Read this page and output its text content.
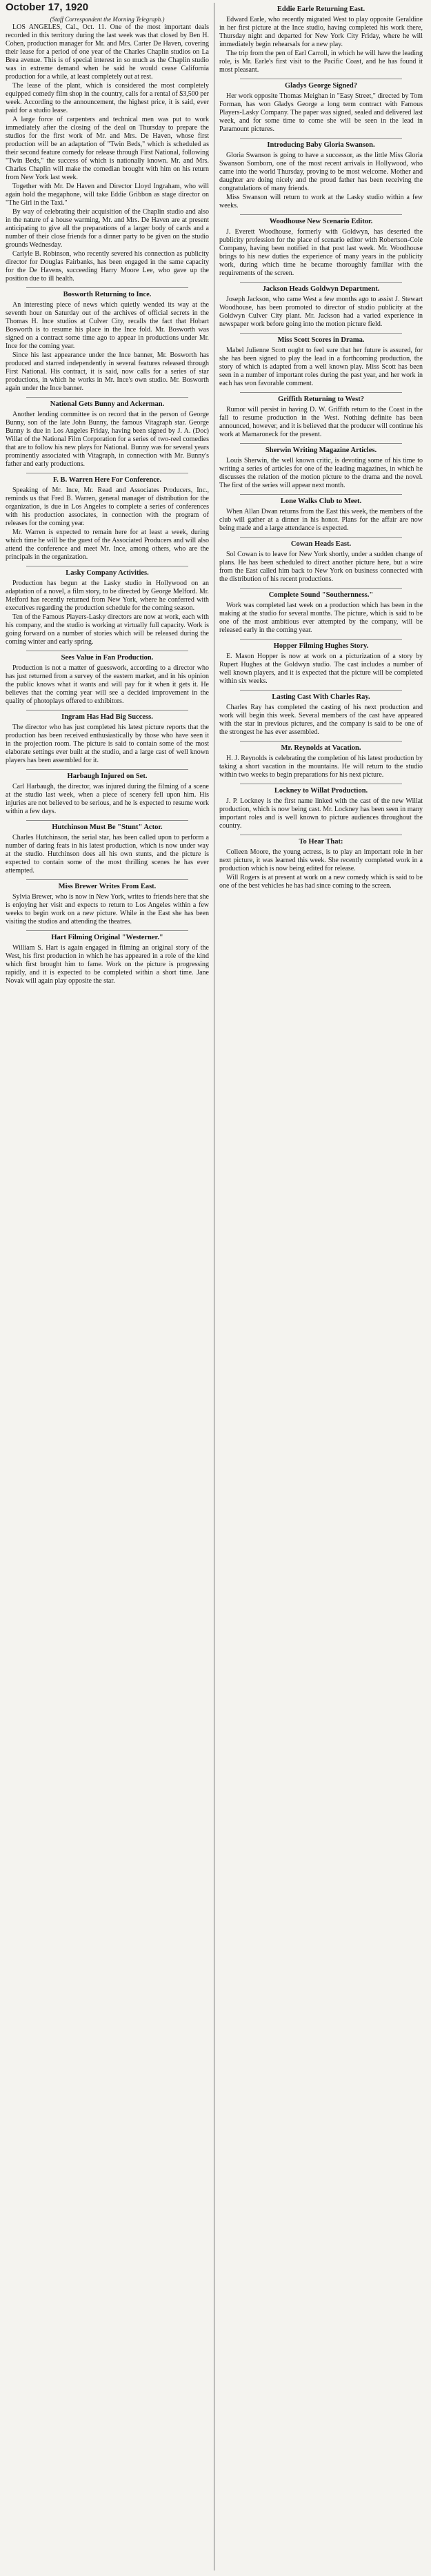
October 17, 1920
(Staff Correspondent the Morning Telegraph.)

LOS ANGELES, Cal., Oct. 11. One of the most important deals recorded in this territory during the last week was that closed by Ben H. Cohen, production manager for Mr. and Mrs. Carter De Haven, covering their lease for a period of one year of the Charles Chaplin studios on La Brea avenue. This is of special interest in so much as the Chaplin studio was in extreme demand when he said he would cease California production for a while, at least completely out at rest.

The lease of the plant, which is considered the most completely equipped comedy film shop in the country, calls for a rental of $3,500 per week. According to the announcement, the highest price, it is said, ever paid for a studio lease.

A large force of carpenters and technical men was put to work immediately after the closing of the deal on Thursday to prepare the studios for the first work of Mr. and Mrs. De Haven, whose first production will be an adaptation of "Twin Beds," which is scheduled as their second feature comedy for release through First National, following "Twin Beds," the success of which is nationally known. Mr. and Mrs. Charles Chaplin will make the comedian brought with him on his return from New York last week.

Together with Mr. De Haven and Director Lloyd Ingraham, who will again hold the megaphone, will take Eddie Gribbon as stage director on "The Girl in the Taxi."

By way of celebrating their acquisition of the Chaplin studio and also in the nature of a house warming, Mr. and Mrs. De Haven are at present anticipating to give all the preparations of a larger body of cards and a number of their close friends for a dinner party to be given on the studio grounds Wednesday.

Carlyle B. Robinson, who recently severed his connection as publicity director for Douglas Fairbanks, has been engaged in the same capacity for the De Havens, succeeding Harry Moore Lee, who gave up the position due to ill health.

Bosworth Returning to Ince.

An interesting piece of news which quietly wended its way at the seventh hour on Saturday out of the archives of official secrets in the Thomas H. Ince studios at Culver City, recalls the fact that Hobart Bosworth is to resume his place in the Ince fold. Mr. Bosworth was signed on a contract some time ago to appear in productions under Mr. Ince for the coming year.

Since his last appearance under the Ince banner, Mr. Bosworth has produced and starred independently in several features released through First National. His contract, it is said, now calls for a series of star productions, in which he works in Mr. Ince's own studio. Mr. Bosworth again under the Ince banner.

National Gets Bunny and Ackerman.

Another lending committee is on record that in the person of George Bunny, son of the late John Bunny, the famous Vitagraph star. George Bunny is due in Los Angeles Friday, having been signed by J. A. (Doc) Willat of the National Film Corporation for a series of two-reel comedies that are to follow his new plays for National. Bunny was for several years prominently associated with Vitagraph, in connection with Mr. Bunny's father and early productions.

F. B. Warren Here For Conference.

Speaking of Mr. Ince, Mr. Read and Associates Producers, Inc., reminds us that Fred B. Warren, general manager of distribution for the organization, is due in Los Angeles to complete a series of conferences with his production associates, in connection with the program of releases for the coming year.

Mr. Warren is expected to remain here for at least a week, during which time he will be the guest of the Associated Producers and will also attend the conference and meet Mr. Ince, among others, who are the principals in the organization.

Lasky Company Activities.

Production has begun at the Lasky studio in Hollywood on an adaptation of a novel, a film story, to be directed by George Melford. Mr. Melford has recently returned from New York, where he conferred with executives regarding the production schedule for the coming season.

Ten of the Famous Players-Lasky directors are now at work, each with his company, and the studio is working at virtually full capacity. Work is going forward on a number of stories which will be released during the coming winter and early spring.

Sees Value in Fan Production.

Production is not a matter of guesswork, according to a director who has just returned from a survey of the eastern market, and in his opinion the public knows what it wants and will pay for it when it gets it. He believes that the coming year will see a decided improvement in the quality of photoplays offered to exhibitors.

Ingram Has Had Big Success.

The director who has just completed his latest picture reports that the production has been received enthusiastically by those who have seen it in the projection room. The picture is said to contain some of the most elaborate settings ever built at the studio, and a large cast of well known players has been assembled for it.

Harbaugh Injured on Set.

Carl Harbaugh, the director, was injured during the filming of a scene at the studio last week, when a piece of scenery fell upon him. His injuries are not believed to be serious, and he is expected to resume work within a few days.

Hutchinson Must Be "Stunt" Actor.

Charles Hutchinson, the serial star, has been called upon to perform a number of daring feats in his latest production, which is now under way at the studio. Hutchinson does all his own stunts, and the picture is expected to contain some of the most thrilling scenes he has ever attempted.

Miss Brewer Writes From East.

Sylvia Brewer, who is now in New York, writes to friends here that she is enjoying her visit and expects to return to Los Angeles within a few weeks to begin work on a new picture. While in the East she has been visiting the studios and attending the theatres.

Hart Filming Original "Westerner."

William S. Hart is again engaged in filming an original story of the West, his first production in which he has appeared in a role of the kind which first brought him to fame. Work on the picture is progressing rapidly, and it is expected to be completed within a short time. Jane Novak will again play opposite the star.

Eddie Earle Returning East.

Edward Earle, who recently migrated West to play opposite Geraldine in her first picture at the Ince studio, having completed his work there, Thursday night and departed for New York City Friday, where he will immediately begin rehearsals for a new play.

The trip from the pen of Earl Carroll, in which he will have the leading role, is Mr. Earle's first visit to the Pacific Coast, and he has found it most pleasant.

Gladys George Signed?

Her work opposite Thomas Meighan in "Easy Street," directed by Tom Forman, has won Gladys George a long term contract with Famous Players-Lasky Company. The paper was signed, sealed and delivered last week, and for some time to come she will be seen in the lead in Paramount pictures.

Introducing Baby Gloria Swanson.

Gloria Swanson is going to have a successor, as the little Miss Gloria Swanson Somborn, one of the most recent arrivals in Hollywood, who came into the world Thursday, proving to be most welcome. Mother and daughter are doing nicely and the proud father has been receiving the congratulations of many friends.

Miss Swanson will return to work at the Lasky studio within a few weeks.

Woodhouse New Scenario Editor.

J. Everett Woodhouse, formerly with Goldwyn, has deserted the publicity profession for the place of scenario editor with Robertson-Cole Company, having been notified in that post last week. Mr. Woodhouse brings to his new duties the experience of many years in the publicity work, during which time he became thoroughly familiar with the requirements of the screen.

Jackson Heads Goldwyn Department.

Joseph Jackson, who came West a few months ago to assist J. Stewart Woodhouse, has been promoted to director of studio publicity at the Goldwyn Culver City plant. Mr. Jackson had a varied experience in newspaper work before going into the motion picture field.

Miss Scott Scores in Drama.

Mabel Julienne Scott ought to feel sure that her future is assured, for she has been signed to play the lead in a forthcoming production, the story of which is adapted from a well known play. Miss Scott has been seen in a number of important roles during the past year, and her work in each has won favorable comment.

Griffith Returning to West?

Rumor will persist in having D. W. Griffith return to the Coast in the fall to resume production in the West. Nothing definite has been announced, however, and it is believed that the producer will continue his work at Mamaroneck for the present.

Sherwin Writing Magazine Articles.

Louis Sherwin, the well known critic, is devoting some of his time to writing a series of articles for one of the leading magazines, in which he discusses the relation of the motion picture to the drama and the novel. The first of the series will appear next month.

Lone Walks Club to Meet.

When Allan Dwan returns from the East this week, the members of the club will gather at a dinner in his honor. Plans for the affair are now being made and a large attendance is expected.

Cowan Heads East.

Sol Cowan is to leave for New York shortly, under a sudden change of plans. He has been scheduled to direct another picture here, but a wire from the East called him back to New York on business connected with the distribution of his recent productions.

Complete Sound "Southernness."

Work was completed last week on a production which has been in the making at the studio for several months. The picture, which is said to be one of the most ambitious ever attempted by the company, will be released early in the coming year.

Hopper Filming Hughes Story.

E. Mason Hopper is now at work on a picturization of a story by Rupert Hughes at the Goldwyn studio. The cast includes a number of well known players, and it is expected that the picture will be completed within six weeks.

Lasting Cast With Charles Ray.

Charles Ray has completed the casting of his next production and work will begin this week. Several members of the cast have appeared with the star in previous pictures, and the company is said to be one of the strongest he has ever assembled.

Mr. Reynolds at Vacation.

H. J. Reynolds is celebrating the completion of his latest production by taking a short vacation in the mountains. He will return to the studio within two weeks to begin preparations for his next picture.

Lockney to Willat Production.

J. P. Lockney is the first name linked with the cast of the new Willat production, which is now being cast. Mr. Lockney has been seen in many important roles and is well known to picture audiences throughout the country.

To Hear That:

Colleen Moore, the young actress, is to play an important role in her next picture, it was learned this week. She recently completed work in a production which is now being edited for release.

Will Rogers is at present at work on a new comedy which is said to be one of the best vehicles he has had since coming to the screen.
